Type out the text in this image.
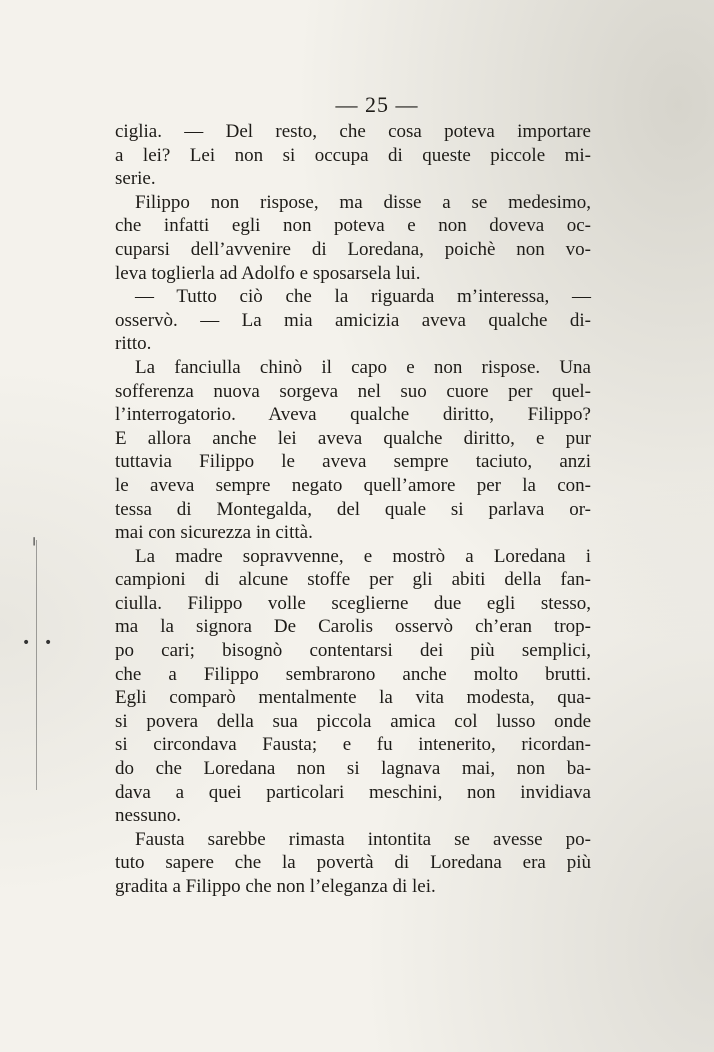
— 25 —
ciglia. — Del resto, che cosa poteva importare
a lei? Lei non si occupa di queste piccole mi-
serie.
Filippo non rispose, ma disse a se medesimo,
che infatti egli non poteva e non doveva oc-
cuparsi dell’avvenire di Loredana, poichè non vo-
leva toglierla ad Adolfo e sposarsela lui.
— Tutto ciò che la riguarda m’interessa, —
osservò. — La mia amicizia aveva qualche di-
ritto.
La fanciulla chinò il capo e non rispose. Una
sofferenza nuova sorgeva nel suo cuore per quel-
l’interrogatorio. Aveva qualche diritto, Filippo?
E allora anche lei aveva qualche diritto, e pur
tuttavia Filippo le aveva sempre taciuto, anzi
le aveva sempre negato quell’amore per la con-
tessa di Montegalda, del quale si parlava or-
mai con sicurezza in città.
La madre sopravvenne, e mostrò a Loredana i
campioni di alcune stoffe per gli abiti della fan-
ciulla. Filippo volle sceglierne due egli stesso,
ma la signora De Carolis osservò ch’eran trop-
po cari; bisognò contentarsi dei più semplici,
che a Filippo sembrarono anche molto brutti.
Egli comparò mentalmente la vita modesta, qua-
si povera della sua piccola amica col lusso onde
si circondava Fausta; e fu intenerito, ricordan-
do che Loredana non si lagnava mai, non ba-
dava a quei particolari meschini, non invidiava
nessuno.
Fausta sarebbe rimasta intontita se avesse po-
tuto sapere che la povertà di Loredana era più
gradita a Filippo che non l’eleganza di lei.
╷
• •
